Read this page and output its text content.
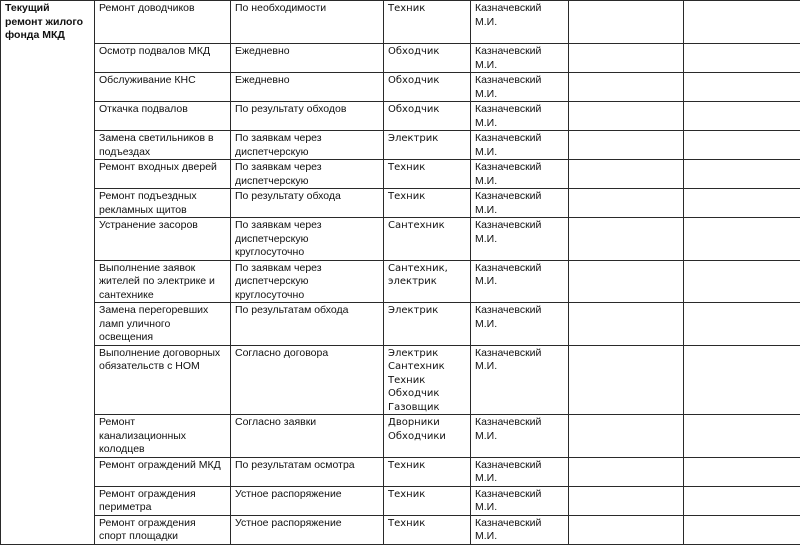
Текущий ремонт жилого фонда МКД	Ремонт доводчиков	По необходимости	Техник	Казначевский
М.И.		
	Осмотр подвалов МКД	Ежедневно	Обходчик	Казначевский
М.И.		
	Обслуживание КНС	Ежедневно	Обходчик	Казначевский
М.И.		
	Откачка подвалов	По результату обходов	Обходчик	Казначевский
М.И.		
	Замена светильников в
подъездах	По заявкам через
диспетчерскую	Электрик	Казначевский
М.И.		
	Ремонт входных дверей	По заявкам через
диспетчерскую	Техник	Казначевский
М.И.		
	Ремонт подъездных
рекламных щитов	По результату обхода	Техник	Казначевский
М.И.		
	Устранение засоров	По заявкам через
диспетчерскую
круглосуточно	Сантехник	Казначевский
М.И.		
	Выполнение заявок
жителей по электрике и
сантехнике	По заявкам через
диспетчерскую
круглосуточно	Сантехник,
электрик	Казначевский
М.И.		
	Замена перегоревших
ламп уличного
освещения	По результатам обхода	Электрик	Казначевский
М.И.		
	Выполнение договорных
обязательств с НОМ	Согласно договора	Электрик
Сантехник
Техник
Обходчик
Газовщик	Казначевский
М.И.		
	Ремонт
канализационных
колодцев	Согласно заявки	Дворники
Обходчики	Казначевский
М.И.		
	Ремонт ограждений МКД	По результатам осмотра	Техник	Казначевский
М.И.		
	Ремонт ограждения
периметра	Устное распоряжение	Техник	Казначевский
М.И.		
	Ремонт ограждения
спорт площадки	Устное распоряжение	Техник	Казначевский
М.И.		
